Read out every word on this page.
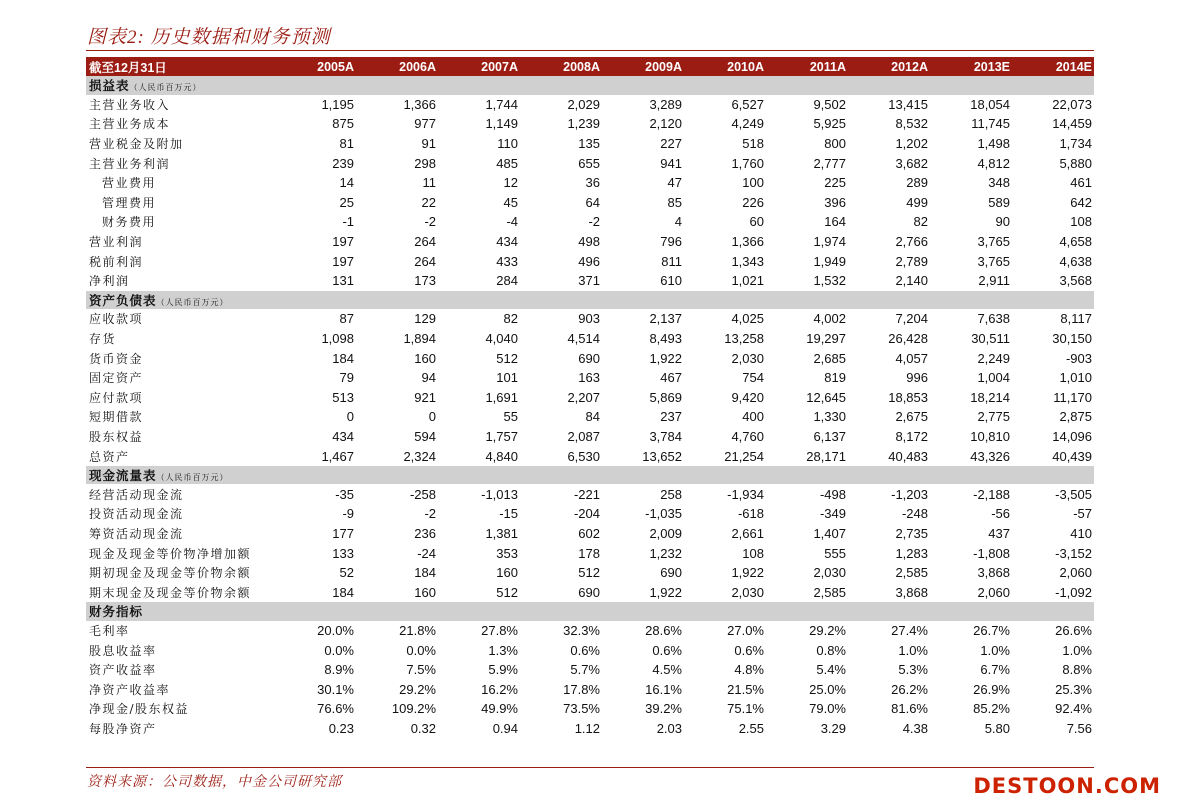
图表2: 历史数据和财务预测
截至12月31日	2005A	2006A	2007A	2008A	2009A	2010A	2011A	2012A	2013E	2014E
损益表（人民币百万元）										
主营业务收入	1,195	1,366	1,744	2,029	3,289	6,527	9,502	13,415	18,054	22,073
主营业务成本	875	977	1,149	1,239	2,120	4,249	5,925	8,532	11,745	14,459
营业税金及附加	81	91	110	135	227	518	800	1,202	1,498	1,734
主营业务利润	239	298	485	655	941	1,760	2,777	3,682	4,812	5,880
营业费用	14	11	12	36	47	100	225	289	348	461
管理费用	25	22	45	64	85	226	396	499	589	642
财务费用	-1	-2	-4	-2	4	60	164	82	90	108
营业利润	197	264	434	498	796	1,366	1,974	2,766	3,765	4,658
税前利润	197	264	433	496	811	1,343	1,949	2,789	3,765	4,638
净利润	131	173	284	371	610	1,021	1,532	2,140	2,911	3,568
资产负债表（人民币百万元）										
应收款项	87	129	82	903	2,137	4,025	4,002	7,204	7,638	8,117
存货	1,098	1,894	4,040	4,514	8,493	13,258	19,297	26,428	30,511	30,150
货币资金	184	160	512	690	1,922	2,030	2,685	4,057	2,249	-903
固定资产	79	94	101	163	467	754	819	996	1,004	1,010
应付款项	513	921	1,691	2,207	5,869	9,420	12,645	18,853	18,214	11,170
短期借款	0	0	55	84	237	400	1,330	2,675	2,775	2,875
股东权益	434	594	1,757	2,087	3,784	4,760	6,137	8,172	10,810	14,096
总资产	1,467	2,324	4,840	6,530	13,652	21,254	28,171	40,483	43,326	40,439
现金流量表（人民币百万元）										
经营活动现金流	-35	-258	-1,013	-221	258	-1,934	-498	-1,203	-2,188	-3,505
投资活动现金流	-9	-2	-15	-204	-1,035	-618	-349	-248	-56	-57
筹资活动现金流	177	236	1,381	602	2,009	2,661	1,407	2,735	437	410
现金及现金等价物净增加额	133	-24	353	178	1,232	108	555	1,283	-1,808	-3,152
期初现金及现金等价物余额	52	184	160	512	690	1,922	2,030	2,585	3,868	2,060
期末现金及现金等价物余额	184	160	512	690	1,922	2,030	2,585	3,868	2,060	-1,092
财务指标										
毛利率	20.0%	21.8%	27.8%	32.3%	28.6%	27.0%	29.2%	27.4%	26.7%	26.6%
股息收益率	0.0%	0.0%	1.3%	0.6%	0.6%	0.6%	0.8%	1.0%	1.0%	1.0%
资产收益率	8.9%	7.5%	5.9%	5.7%	4.5%	4.8%	5.4%	5.3%	6.7%	8.8%
净资产收益率	30.1%	29.2%	16.2%	17.8%	16.1%	21.5%	25.0%	26.2%	26.9%	25.3%
净现金/股东权益	76.6%	109.2%	49.9%	73.5%	39.2%	75.1%	79.0%	81.6%	85.2%	92.4%
每股净资产	0.23	0.32	0.94	1.12	2.03	2.55	3.29	4.38	5.80	7.56
资料来源：公司数据，中金公司研究部	DESTOON.COM
